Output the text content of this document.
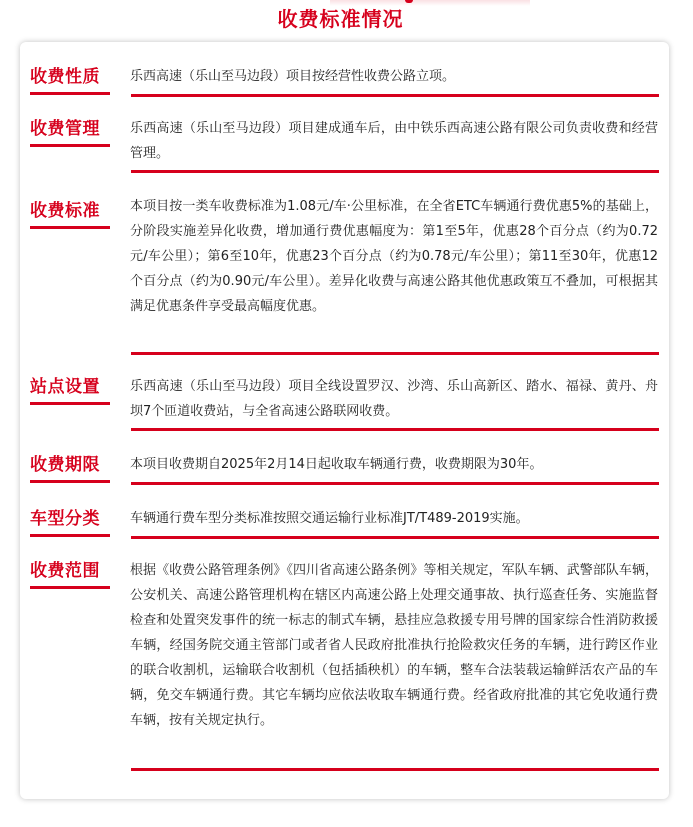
收费标准情况
收费性质	乐西高速（乐山至马边段）项目按经营性收费公路立项。
收费管理	乐西高速（乐山至马边段）项目建成通车后，由中铁乐西高速公路有限公司负责收费和经营管理。
收费标准	本项目按一类车收费标准为1.08元/车·公里标准，在全省ETC车辆通行费优惠5%的基础上，分阶段实施差异化收费，增加通行费优惠幅度为：第1至5年，优惠28个百分点（约为0.72元/车公里）；第6至10年，优惠23个百分点（约为0.78元/车公里）；第11至30年，优惠12个百分点（约为0.90元/车公里）。差异化收费与高速公路其他优惠政策互不叠加，可根据其满足优惠条件享受最高幅度优惠。
站点设置	乐西高速（乐山至马边段）项目全线设置罗汉、沙湾、乐山高新区、踏水、福禄、黄丹、舟坝7个匝道收费站，与全省高速公路联网收费。
收费期限	本项目收费期自2025年2月14日起收取车辆通行费，收费期限为30年。
车型分类	车辆通行费车型分类标准按照交通运输行业标准JT/T489-2019实施。
收费范围	根据《收费公路管理条例》《四川省高速公路条例》等相关规定，军队车辆、武警部队车辆，公安机关、高速公路管理机构在辖区内高速公路上处理交通事故、执行巡查任务、实施监督检查和处置突发事件的统一标志的制式车辆，悬挂应急救援专用号牌的国家综合性消防救援车辆，经国务院交通主管部门或者省人民政府批准执行抢险救灾任务的车辆，进行跨区作业的联合收割机，运输联合收割机（包括插秧机）的车辆，整车合法装载运输鲜活农产品的车辆，免交车辆通行费。其它车辆均应依法收取车辆通行费。经省政府批准的其它免收通行费车辆，按有关规定执行。
